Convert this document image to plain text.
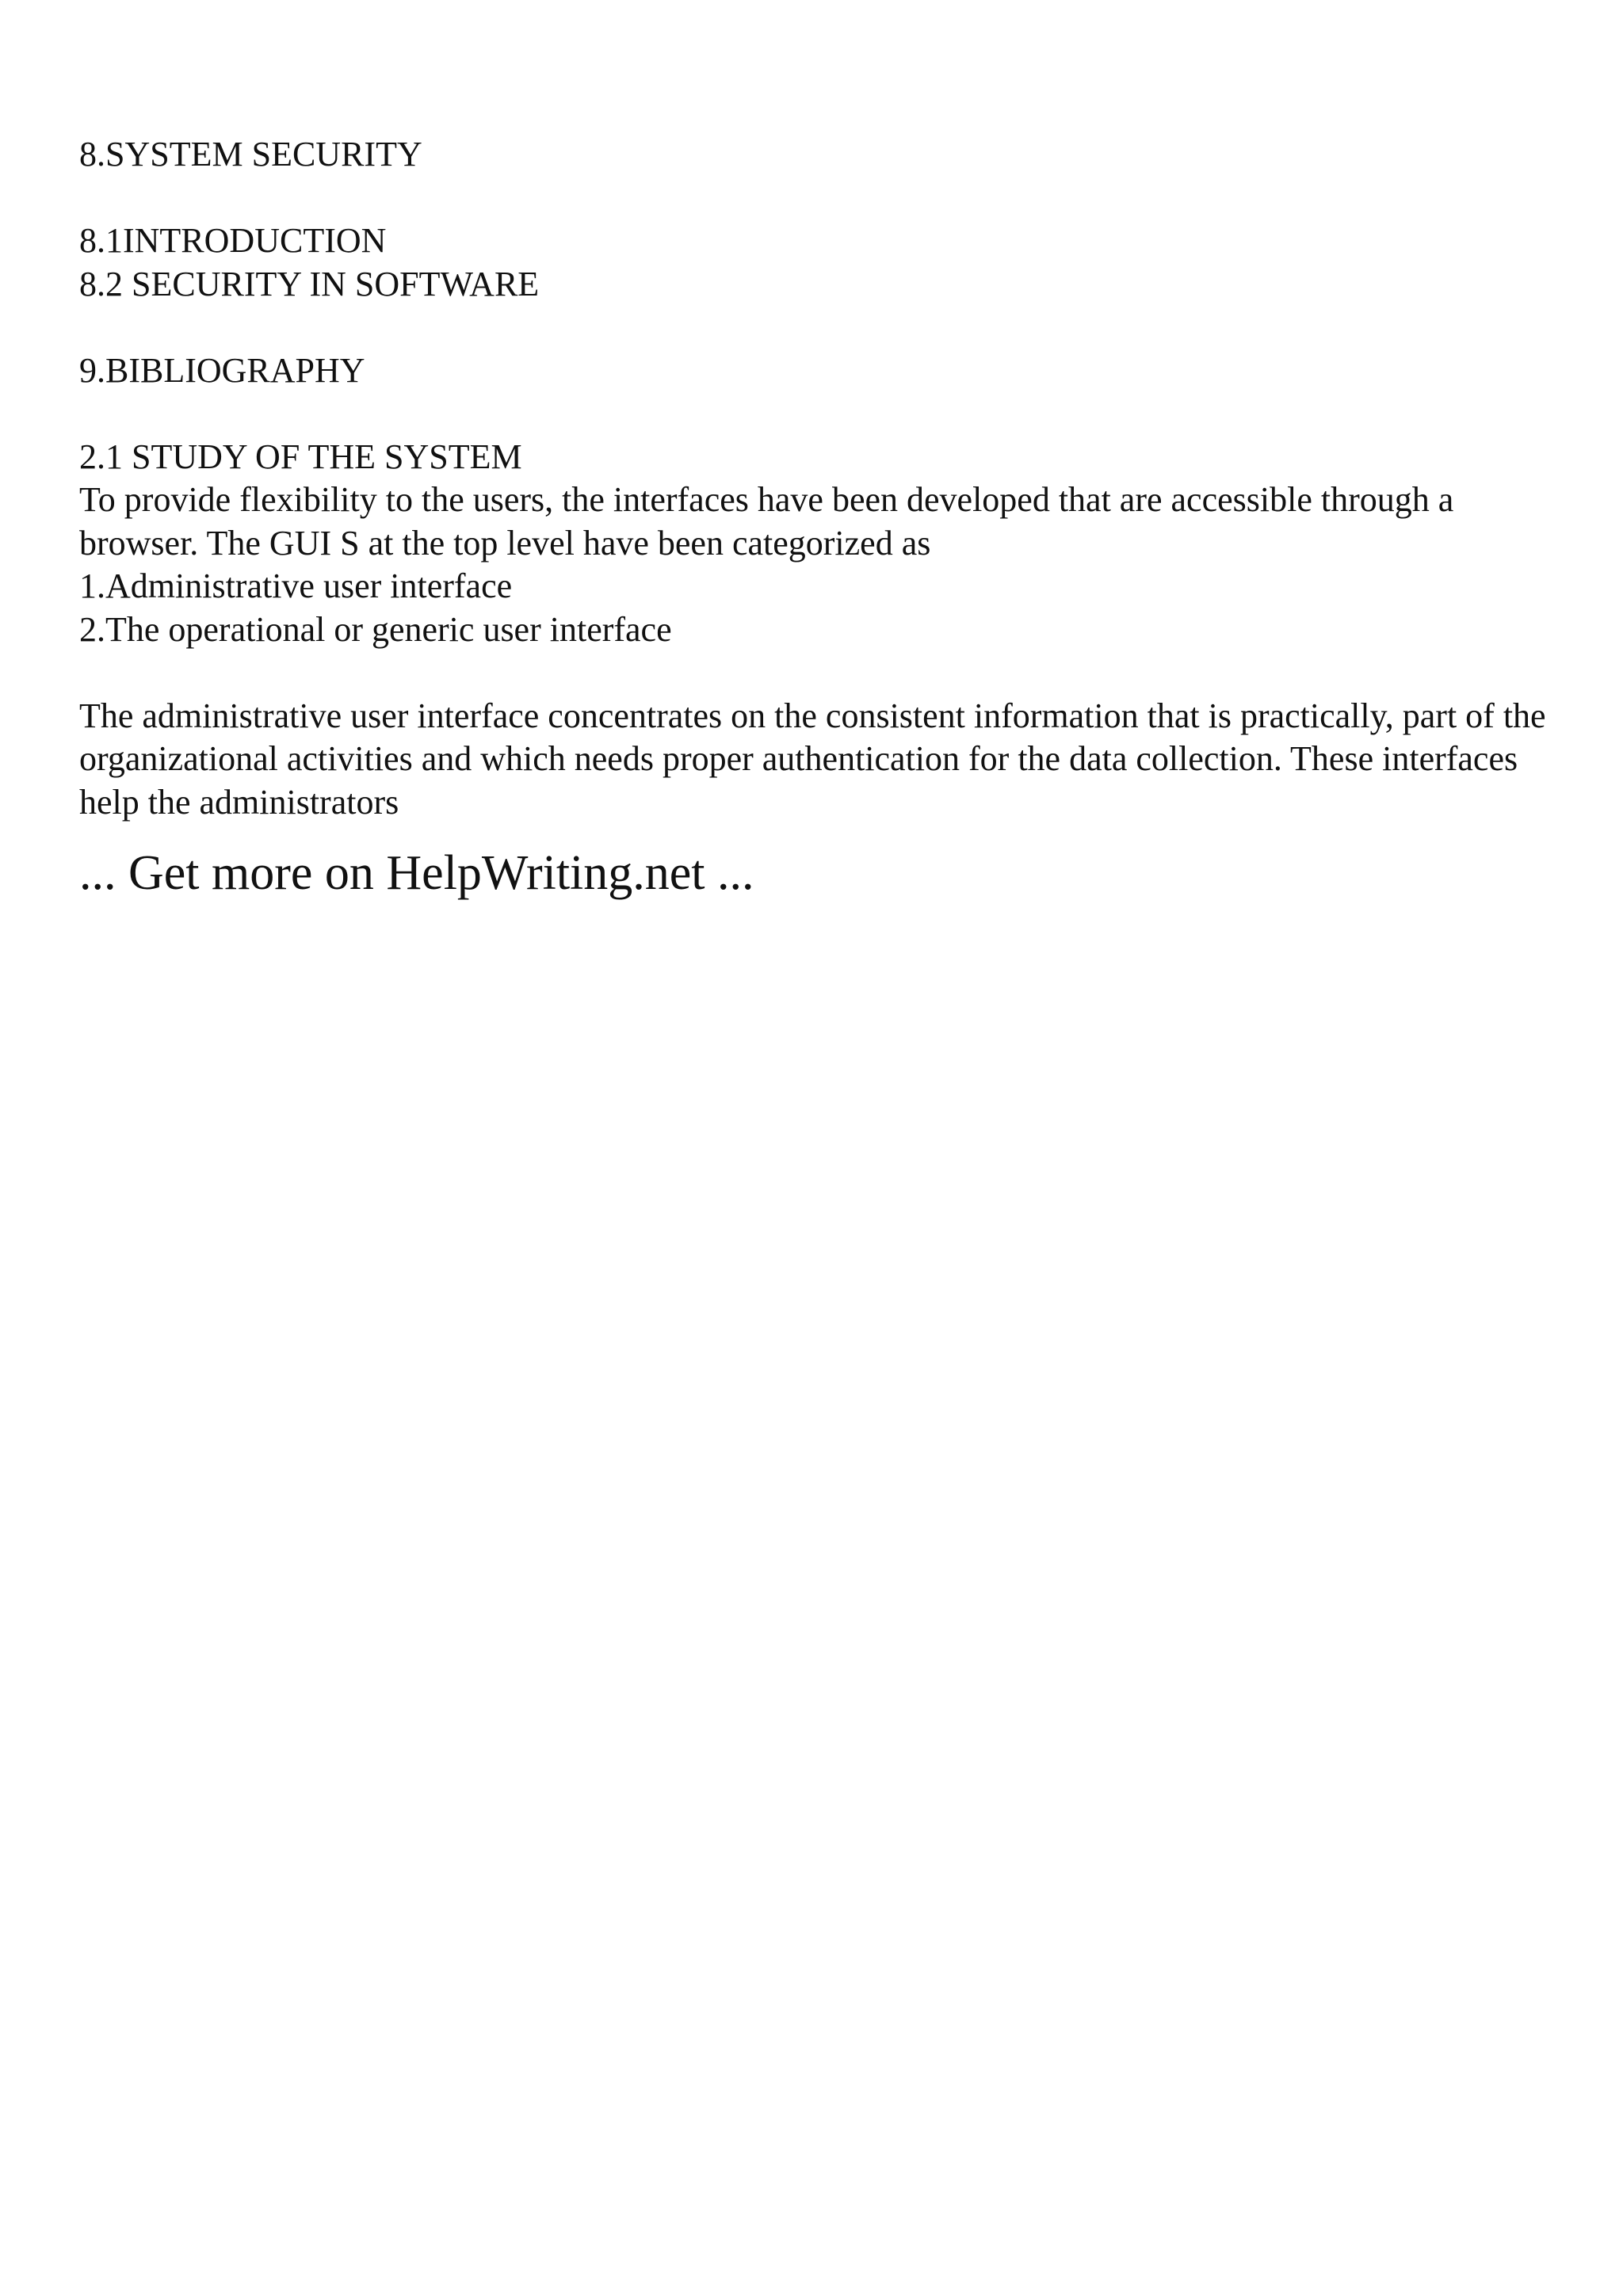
8.SYSTEM SECURITY

8.1INTRODUCTION

8.2 SECURITY IN SOFTWARE

9.BIBLIOGRAPHY

2.1 STUDY OF THE SYSTEM

To provide flexibility to the users, the interfaces have been developed that are accessible through a browser. The GUI S at the top level have been categorized as

1.Administrative user interface

2.The operational or generic user interface

The administrative user interface concentrates on the consistent information that is practically, part of the organizational activities and which needs proper authentication for the data collection. These interfaces help the administrators

... Get more on HelpWriting.net ...
